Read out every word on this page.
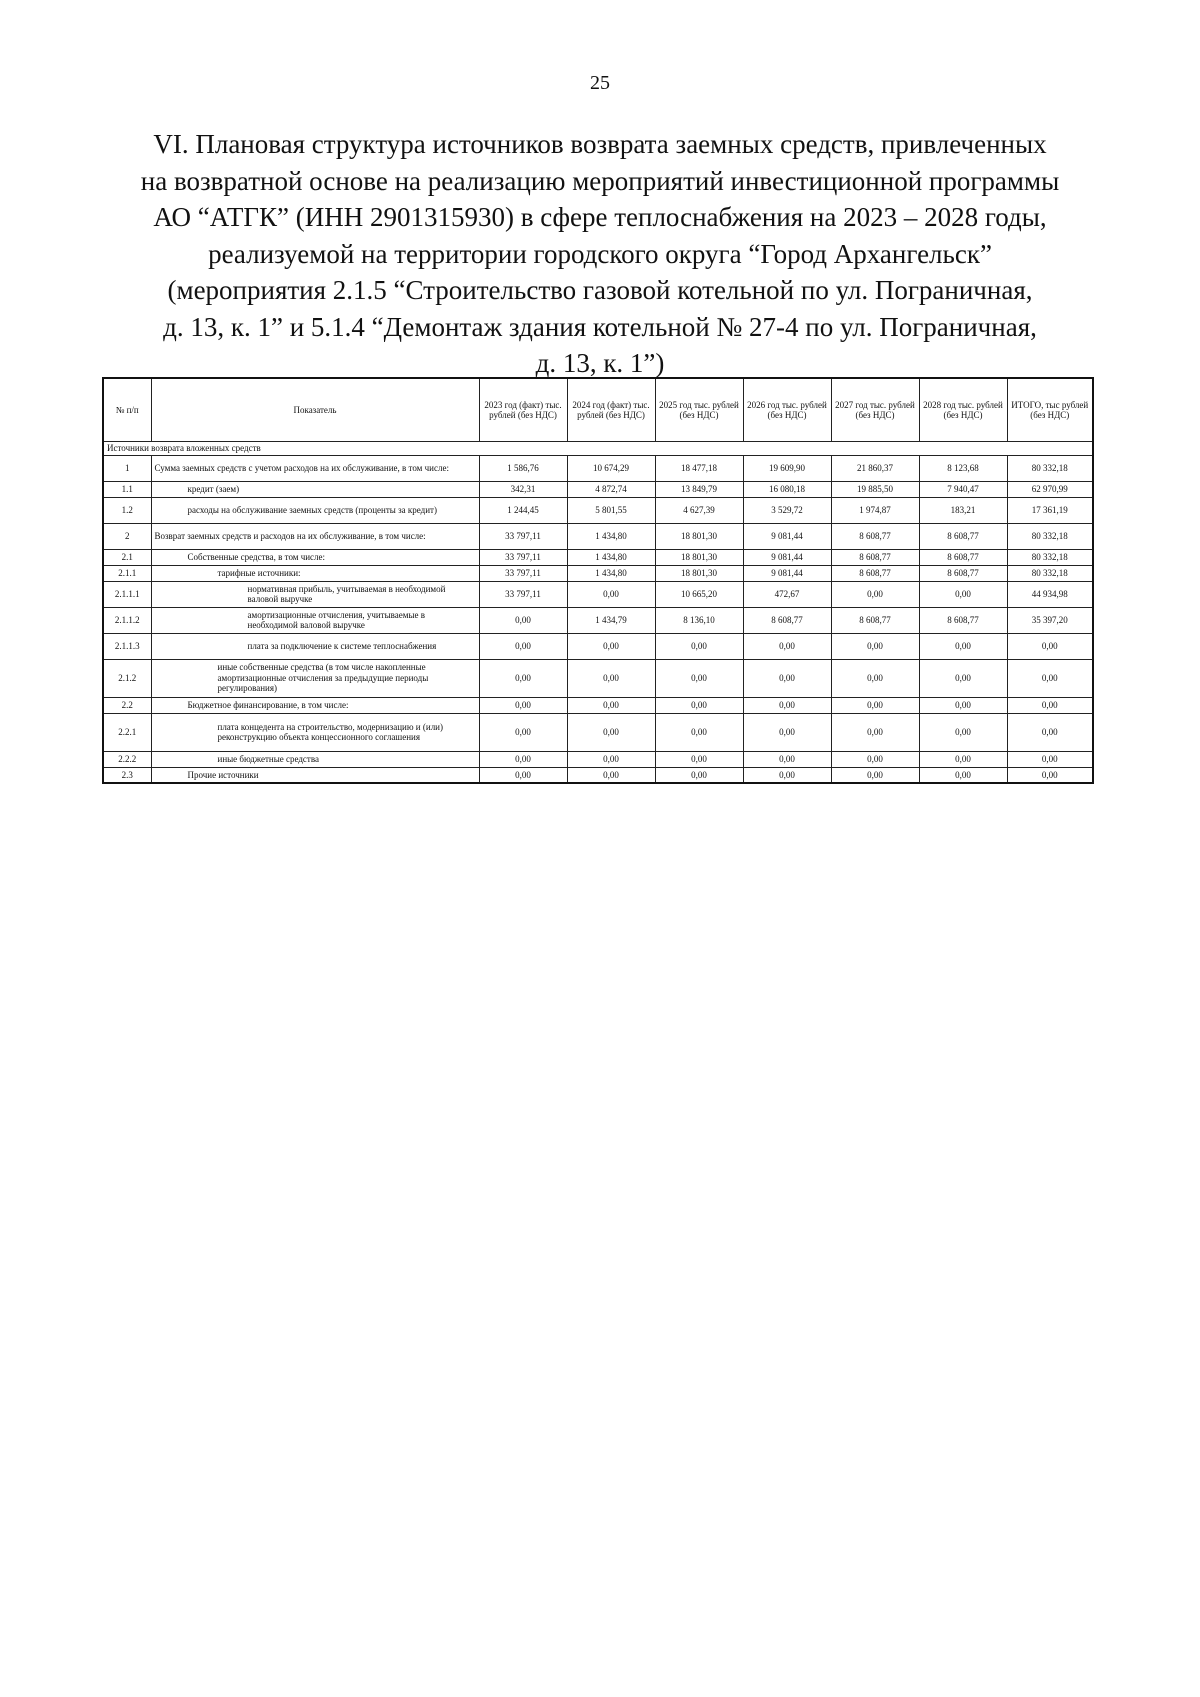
25
VI. Плановая структура источников возврата заемных средств, привлеченных
на возвратной основе на реализацию мероприятий инвестиционной программы
АО “АТГК” (ИНН 2901315930) в сфере теплоснабжения на 2023 – 2028 годы,
реализуемой на территории городского округа “Город Архангельск”
(мероприятия 2.1.5 “Строительство газовой котельной по ул. Пограничная,
д. 13, к. 1” и 5.1.4 “Демонтаж здания котельной № 27-4 по ул. Пограничная,
д. 13, к. 1”)
№ п/п	Показатель	2023 год (факт) тыс. рублей (без НДС)	2024 год (факт) тыс. рублей (без НДС)	2025 год тыс. рублей (без НДС)	2026 год тыс. рублей (без НДС)	2027 год тыс. рублей (без НДС)	2028 год тыс. рублей (без НДС)	ИТОГО, тыс рублей (без НДС)
Источники возврата вложенных средств								
1	Сумма заемных средств с учетом расходов на их обслуживание, в том числе:	1 586,76	10 674,29	18 477,18	19 609,90	21 860,37	8 123,68	80 332,18
1.1	кредит (заем)	342,31	4 872,74	13 849,79	16 080,18	19 885,50	7 940,47	62 970,99
1.2	расходы на обслуживание заемных средств (проценты за кредит)	1 244,45	5 801,55	4 627,39	3 529,72	1 974,87	183,21	17 361,19
2	Возврат заемных средств и расходов на их обслуживание, в том числе:	33 797,11	1 434,80	18 801,30	9 081,44	8 608,77	8 608,77	80 332,18
2.1	Собственные средства, в том числе:	33 797,11	1 434,80	18 801,30	9 081,44	8 608,77	8 608,77	80 332,18
2.1.1	тарифные источники:	33 797,11	1 434,80	18 801,30	9 081,44	8 608,77	8 608,77	80 332,18
2.1.1.1	нормативная прибыль, учитываемая в необходимой валовой выручке	33 797,11	0,00	10 665,20	472,67	0,00	0,00	44 934,98
2.1.1.2	амортизационные отчисления, учитываемые в необходимой валовой выручке	0,00	1 434,79	8 136,10	8 608,77	8 608,77	8 608,77	35 397,20
2.1.1.3	плата за подключение к системе теплоснабжения	0,00	0,00	0,00	0,00	0,00	0,00	0,00
2.1.2	иные собственные средства (в том числе накопленные амортизационные отчисления за предыдущие периоды регулирования)	0,00	0,00	0,00	0,00	0,00	0,00	0,00
2.2	Бюджетное финансирование, в том числе:	0,00	0,00	0,00	0,00	0,00	0,00	0,00
2.2.1	плата концедента на строительство, модернизацию и (или) реконструкцию объекта концессионного соглашения	0,00	0,00	0,00	0,00	0,00	0,00	0,00
2.2.2	иные бюджетные средства	0,00	0,00	0,00	0,00	0,00	0,00	0,00
2.3	Прочие источники	0,00	0,00	0,00	0,00	0,00	0,00	0,00
